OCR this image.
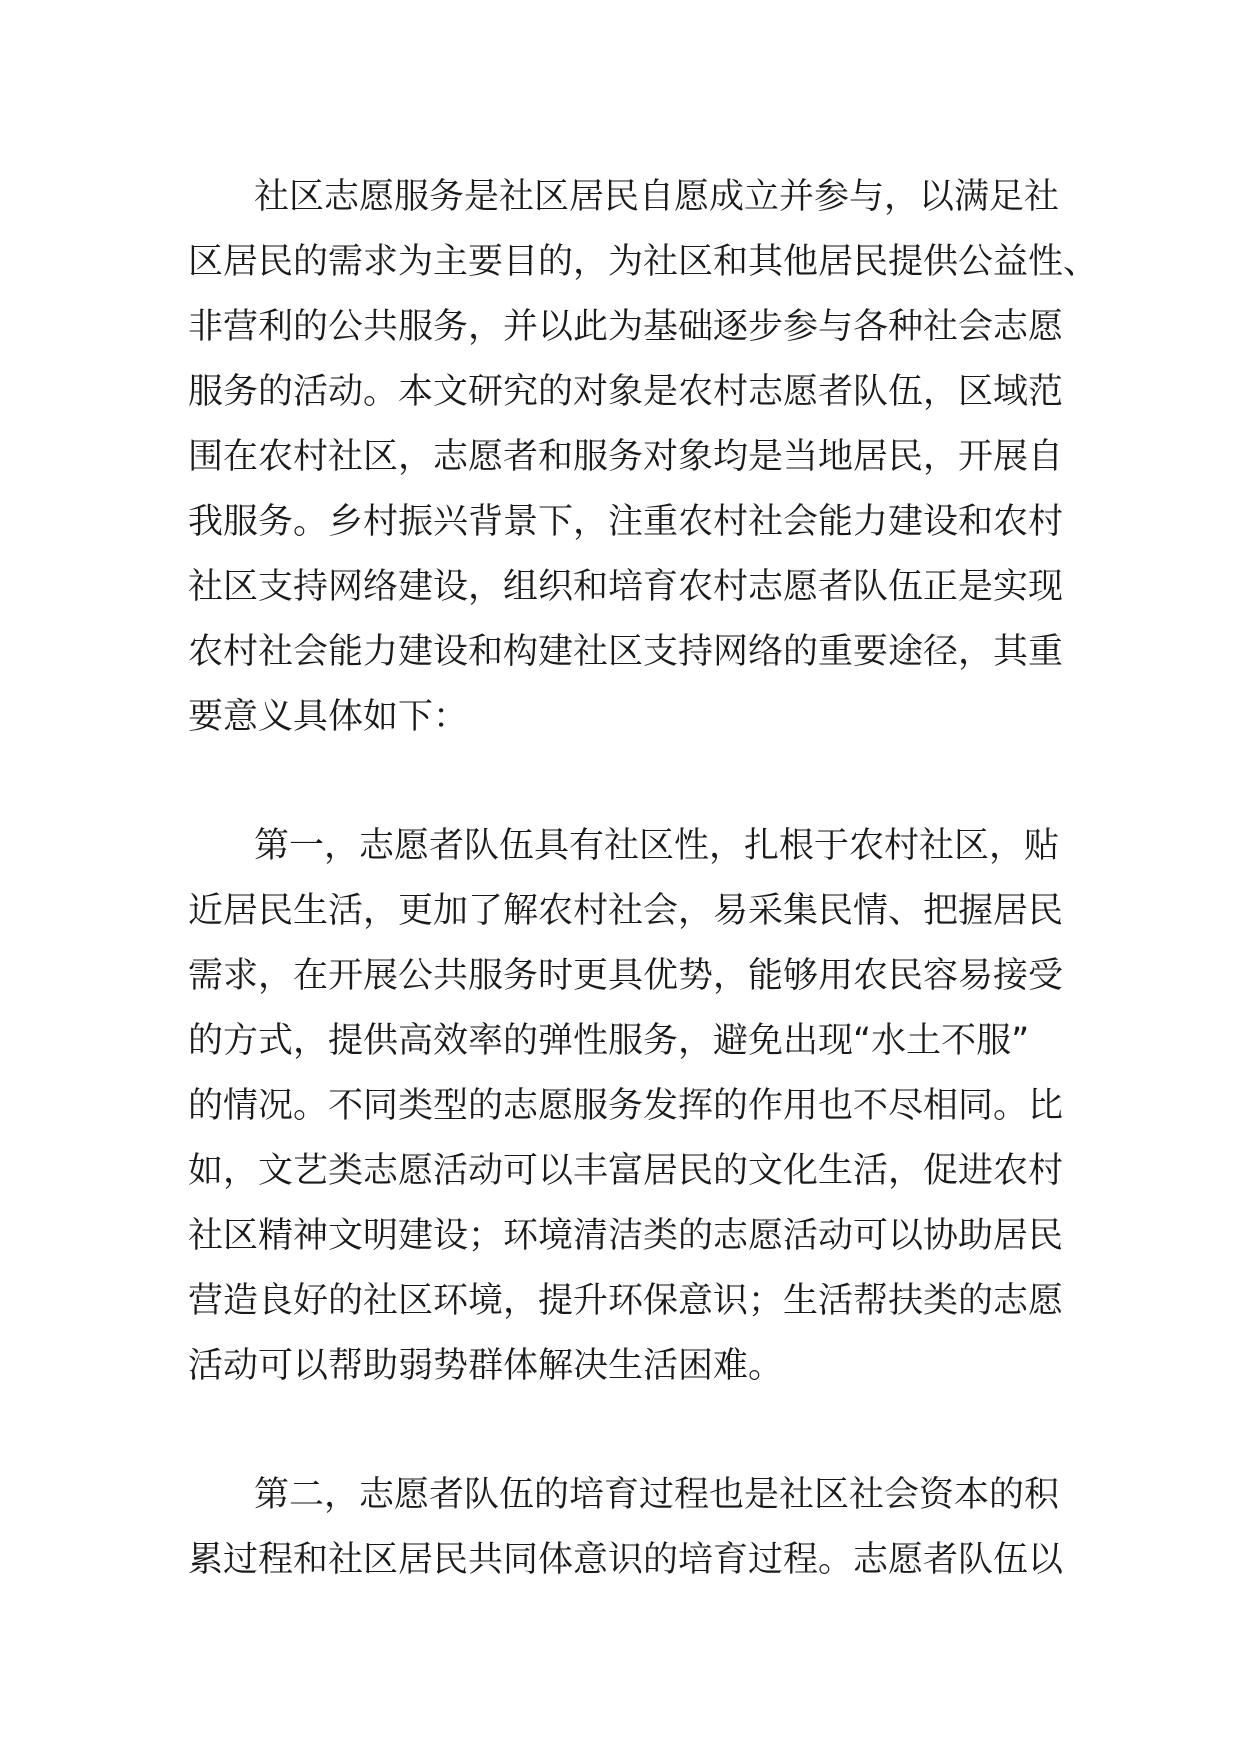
社区志愿服务是社区居民自愿成立并参与，以满足社
区居民的需求为主要目的，为社区和其他居民提供公益性、
非营利的公共服务，并以此为基础逐步参与各种社会志愿
服务的活动。本文研究的对象是农村志愿者队伍，区域范
围在农村社区，志愿者和服务对象均是当地居民，开展自
我服务。乡村振兴背景下，注重农村社会能力建设和农村
社区支持网络建设，组织和培育农村志愿者队伍正是实现
农村社会能力建设和构建社区支持网络的重要途径，其重
要意义具体如下：
第一，志愿者队伍具有社区性，扎根于农村社区，贴
近居民生活，更加了解农村社会，易采集民情、把握居民
需求，在开展公共服务时更具优势，能够用农民容易接受
的方式，提供高效率的弹性服务，避免出现“水土不服”
的情况。不同类型的志愿服务发挥的作用也不尽相同。比
如，文艺类志愿活动可以丰富居民的文化生活，促进农村
社区精神文明建设；环境清洁类的志愿活动可以协助居民
营造良好的社区环境，提升环保意识；生活帮扶类的志愿
活动可以帮助弱势群体解决生活困难。
第二，志愿者队伍的培育过程也是社区社会资本的积
累过程和社区居民共同体意识的培育过程。志愿者队伍以
